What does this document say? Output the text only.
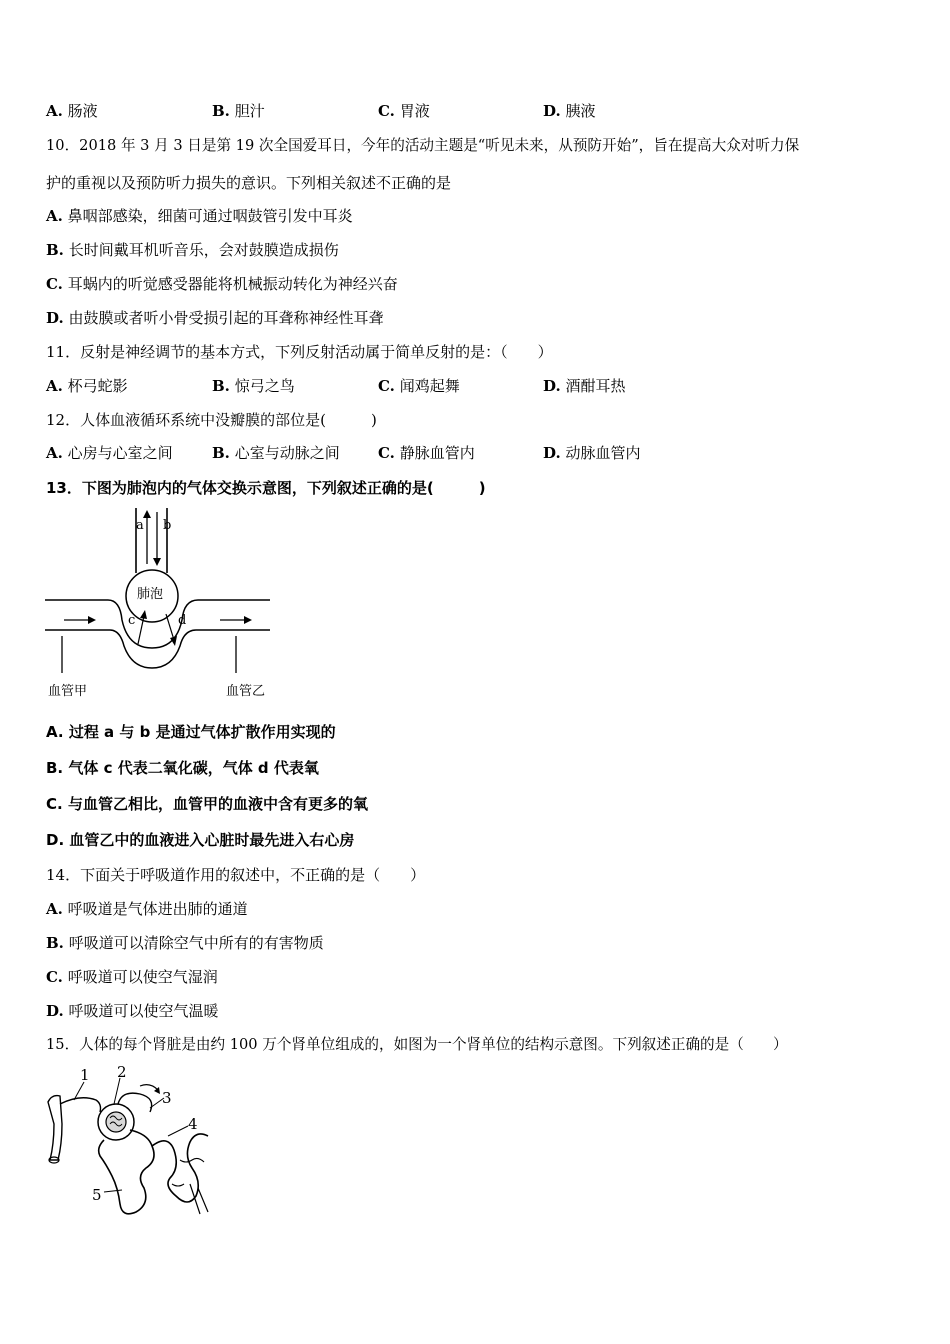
A. 肠液	B. 胆汁	C. 胃液	D. 胰液
10．2018 年 3 月 3 日是第 19 次全国爱耳日，今年的活动主题是“听见未来，从预防开始”，旨在提高大众对听力保
护的重视以及预防听力损失的意识。下列相关叙述不正确的是
A. 鼻咽部感染，细菌可通过咽鼓管引发中耳炎
B. 长时间戴耳机听音乐，会对鼓膜造成损伤
C. 耳蜗内的听觉感受器能将机械振动转化为神经兴奋
D. 由鼓膜或者听小骨受损引起的耳聋称神经性耳聋
11．反射是神经调节的基本方式，下列反射活动属于简单反射的是：（　　）
A. 杯弓蛇影	B. 惊弓之鸟	C. 闻鸡起舞	D. 酒酣耳热
12．人体血液循环系统中没瓣膜的部位是(　　　)
A. 心房与心室之间	B. 心室与动脉之间	C. 静脉血管内	D. 动脉血管内
13．下图为肺泡内的气体交换示意图，下列叙述正确的是(　　　)
a b
肺泡
c	d
血管甲	血管乙
A. 过程 a 与 b 是通过气体扩散作用实现的
B. 气体 c 代表二氧化碳，气体 d 代表氧
C. 与血管乙相比，血管甲的血液中含有更多的氧
D. 血管乙中的血液进入心脏时最先进入右心房
14．下面关于呼吸道作用的叙述中，不正确的是（　　）
A. 呼吸道是气体进出肺的通道
B. 呼吸道可以清除空气中所有的有害物质
C. 呼吸道可以使空气湿润
D. 呼吸道可以使空气温暖
15．人体的每个肾脏是由约 100 万个肾单位组成的，如图为一个肾单位的结构示意图。下列叙述正确的是（　　）
1 2
3
4
5
